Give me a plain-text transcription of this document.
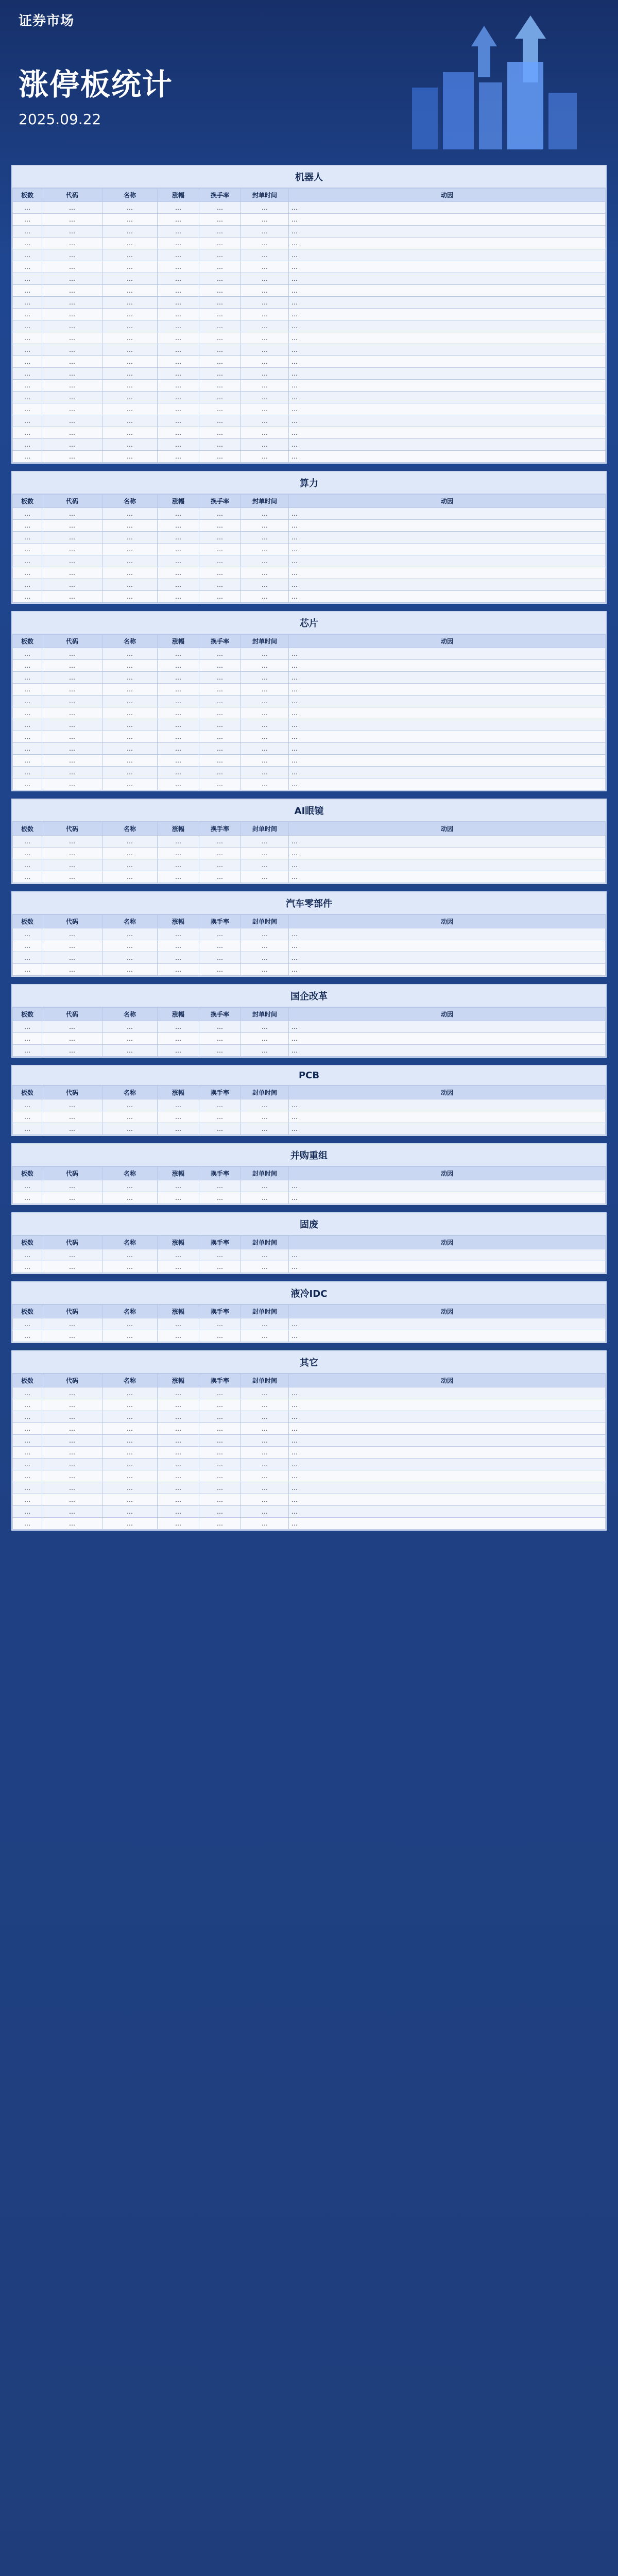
证券市场
涨停板统计
2025.09.22
机器人
板数	代码	名称	涨幅	换手率	封单时间	动因
…	…	…	…	…	…	…
…	…	…	…	…	…	…
…	…	…	…	…	…	…
…	…	…	…	…	…	…
…	…	…	…	…	…	…
…	…	…	…	…	…	…
…	…	…	…	…	…	…
…	…	…	…	…	…	…
…	…	…	…	…	…	…
…	…	…	…	…	…	…
…	…	…	…	…	…	…
…	…	…	…	…	…	…
…	…	…	…	…	…	…
…	…	…	…	…	…	…
…	…	…	…	…	…	…
…	…	…	…	…	…	…
…	…	…	…	…	…	…
…	…	…	…	…	…	…
…	…	…	…	…	…	…
…	…	…	…	…	…	…
…	…	…	…	…	…	…
…	…	…	…	…	…	…
算力
板数	代码	名称	涨幅	换手率	封单时间	动因
…	…	…	…	…	…	…
…	…	…	…	…	…	…
…	…	…	…	…	…	…
…	…	…	…	…	…	…
…	…	…	…	…	…	…
…	…	…	…	…	…	…
…	…	…	…	…	…	…
…	…	…	…	…	…	…
芯片
板数	代码	名称	涨幅	换手率	封单时间	动因
…	…	…	…	…	…	…
…	…	…	…	…	…	…
…	…	…	…	…	…	…
…	…	…	…	…	…	…
…	…	…	…	…	…	…
…	…	…	…	…	…	…
…	…	…	…	…	…	…
…	…	…	…	…	…	…
…	…	…	…	…	…	…
…	…	…	…	…	…	…
…	…	…	…	…	…	…
…	…	…	…	…	…	…
AI眼镜
板数	代码	名称	涨幅	换手率	封单时间	动因
…	…	…	…	…	…	…
…	…	…	…	…	…	…
…	…	…	…	…	…	…
…	…	…	…	…	…	…
汽车零部件
板数	代码	名称	涨幅	换手率	封单时间	动因
…	…	…	…	…	…	…
…	…	…	…	…	…	…
…	…	…	…	…	…	…
…	…	…	…	…	…	…
国企改革
板数	代码	名称	涨幅	换手率	封单时间	动因
…	…	…	…	…	…	…
…	…	…	…	…	…	…
…	…	…	…	…	…	…
PCB
板数	代码	名称	涨幅	换手率	封单时间	动因
…	…	…	…	…	…	…
…	…	…	…	…	…	…
…	…	…	…	…	…	…
并购重组
板数	代码	名称	涨幅	换手率	封单时间	动因
…	…	…	…	…	…	…
…	…	…	…	…	…	…
固废
板数	代码	名称	涨幅	换手率	封单时间	动因
…	…	…	…	…	…	…
…	…	…	…	…	…	…
液冷IDC
板数	代码	名称	涨幅	换手率	封单时间	动因
…	…	…	…	…	…	…
…	…	…	…	…	…	…
其它
板数	代码	名称	涨幅	换手率	封单时间	动因
…	…	…	…	…	…	…
…	…	…	…	…	…	…
…	…	…	…	…	…	…
…	…	…	…	…	…	…
…	…	…	…	…	…	…
…	…	…	…	…	…	…
…	…	…	…	…	…	…
…	…	…	…	…	…	…
…	…	…	…	…	…	…
…	…	…	…	…	…	…
…	…	…	…	…	…	…
…	…	…	…	…	…	…
